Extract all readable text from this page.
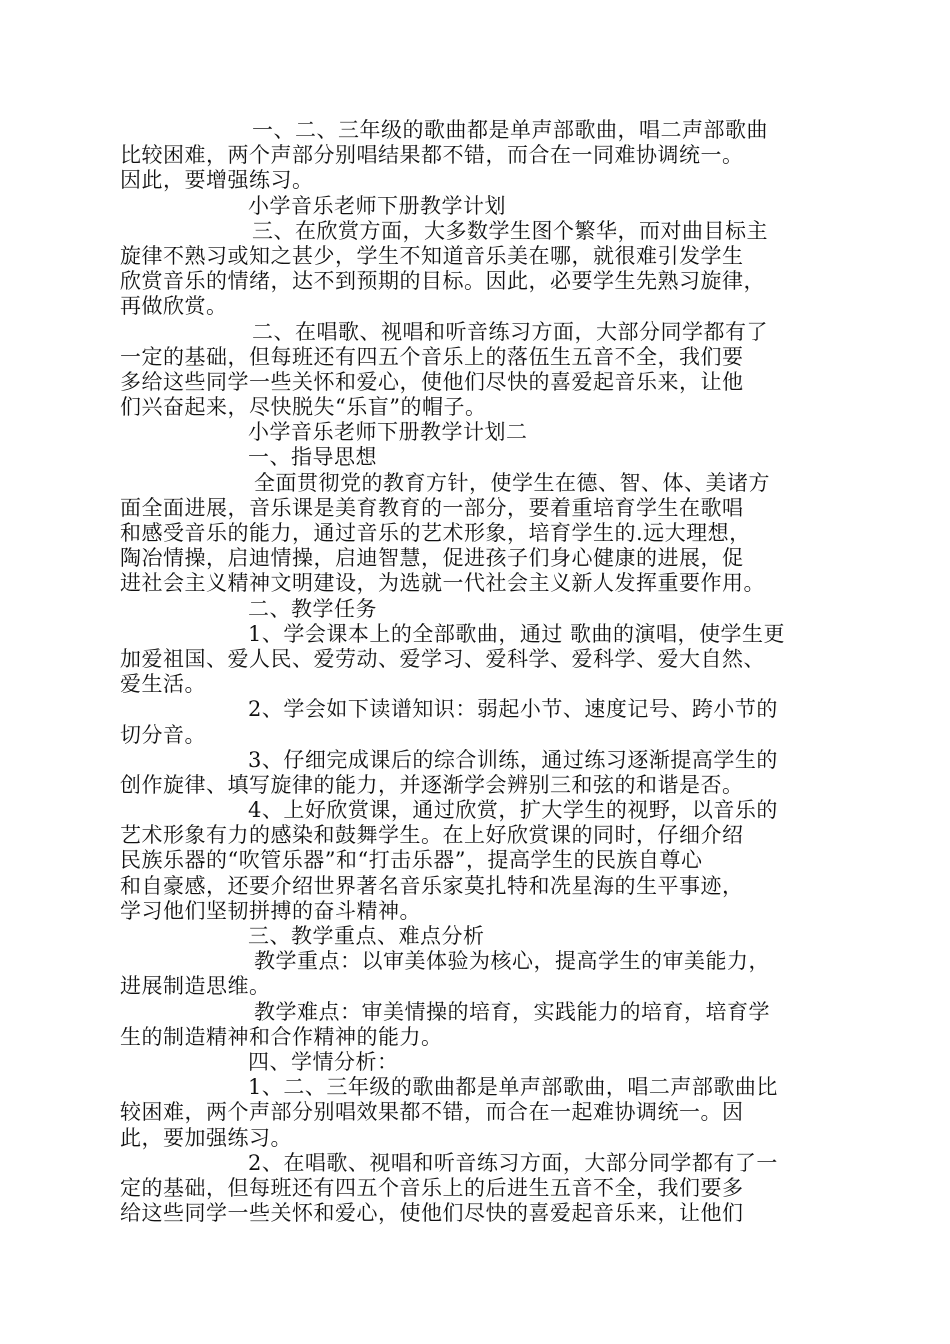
一、二、三年级的歌曲都是单声部歌曲，唱二声部歌曲
比较困难，两个声部分别唱结果都不错，而合在一同难协调统一。
因此，要增强练习。
小学音乐老师下册教学计划
三、在欣赏方面，大多数学生图个繁华，而对曲目标主
旋律不熟习或知之甚少，学生不知道音乐美在哪，就很难引发学生
欣赏音乐的情绪，达不到预期的目标。因此，必要学生先熟习旋律，
再做欣赏。
二、在唱歌、视唱和听音练习方面，大部分同学都有了
一定的基础，但每班还有四五个音乐上的落伍生五音不全，我们要
多给这些同学一些关怀和爱心，使他们尽快的喜爱起音乐来，让他
们兴奋起来，尽快脱失“乐盲”的帽子。
小学音乐老师下册教学计划二
一、指导思想
全面贯彻党的教育方针，使学生在德、智、体、美诸方
面全面进展，音乐课是美育教育的一部分，要着重培育学生在歌唱
和感受音乐的能力，通过音乐的艺术形象，培育学生的.远大理想，
陶冶情操，启迪情操，启迪智慧，促进孩子们身心健康的进展，促
进社会主义精神文明建设，为选就一代社会主义新人发挥重要作用。
二、教学任务
1、学会课本上的全部歌曲，通过 歌曲的演唱，使学生更
加爱祖国、爱人民、爱劳动、爱学习、爱科学、爱科学、爱大自然、
爱生活。
2、学会如下读谱知识：弱起小节、速度记号、跨小节的
切分音。
3、仔细完成课后的综合训练，通过练习逐渐提高学生的
创作旋律、填写旋律的能力，并逐渐学会辨别三和弦的和谐是否。
4、上好欣赏课，通过欣赏，扩大学生的视野，以音乐的
艺术形象有力的感染和鼓舞学生。在上好欣赏课的同时，仔细介绍
民族乐器的“吹管乐器”和“打击乐器”，提高学生的民族自尊心
和自豪感，还要介绍世界著名音乐家莫扎特和冼星海的生平事迹，
学习他们坚韧拼搏的奋斗精神。
三、教学重点、难点分析
教学重点：以审美体验为核心，提高学生的审美能力，
进展制造思维。
教学难点：审美情操的培育，实践能力的培育，培育学
生的制造精神和合作精神的能力。
四、学情分析：
1、二、三年级的歌曲都是单声部歌曲，唱二声部歌曲比
较困难，两个声部分别唱效果都不错，而合在一起难协调统一。因
此，要加强练习。
2、在唱歌、视唱和听音练习方面，大部分同学都有了一
定的基础，但每班还有四五个音乐上的后进生五音不全，我们要多
给这些同学一些关怀和爱心，使他们尽快的喜爱起音乐来，让他们
